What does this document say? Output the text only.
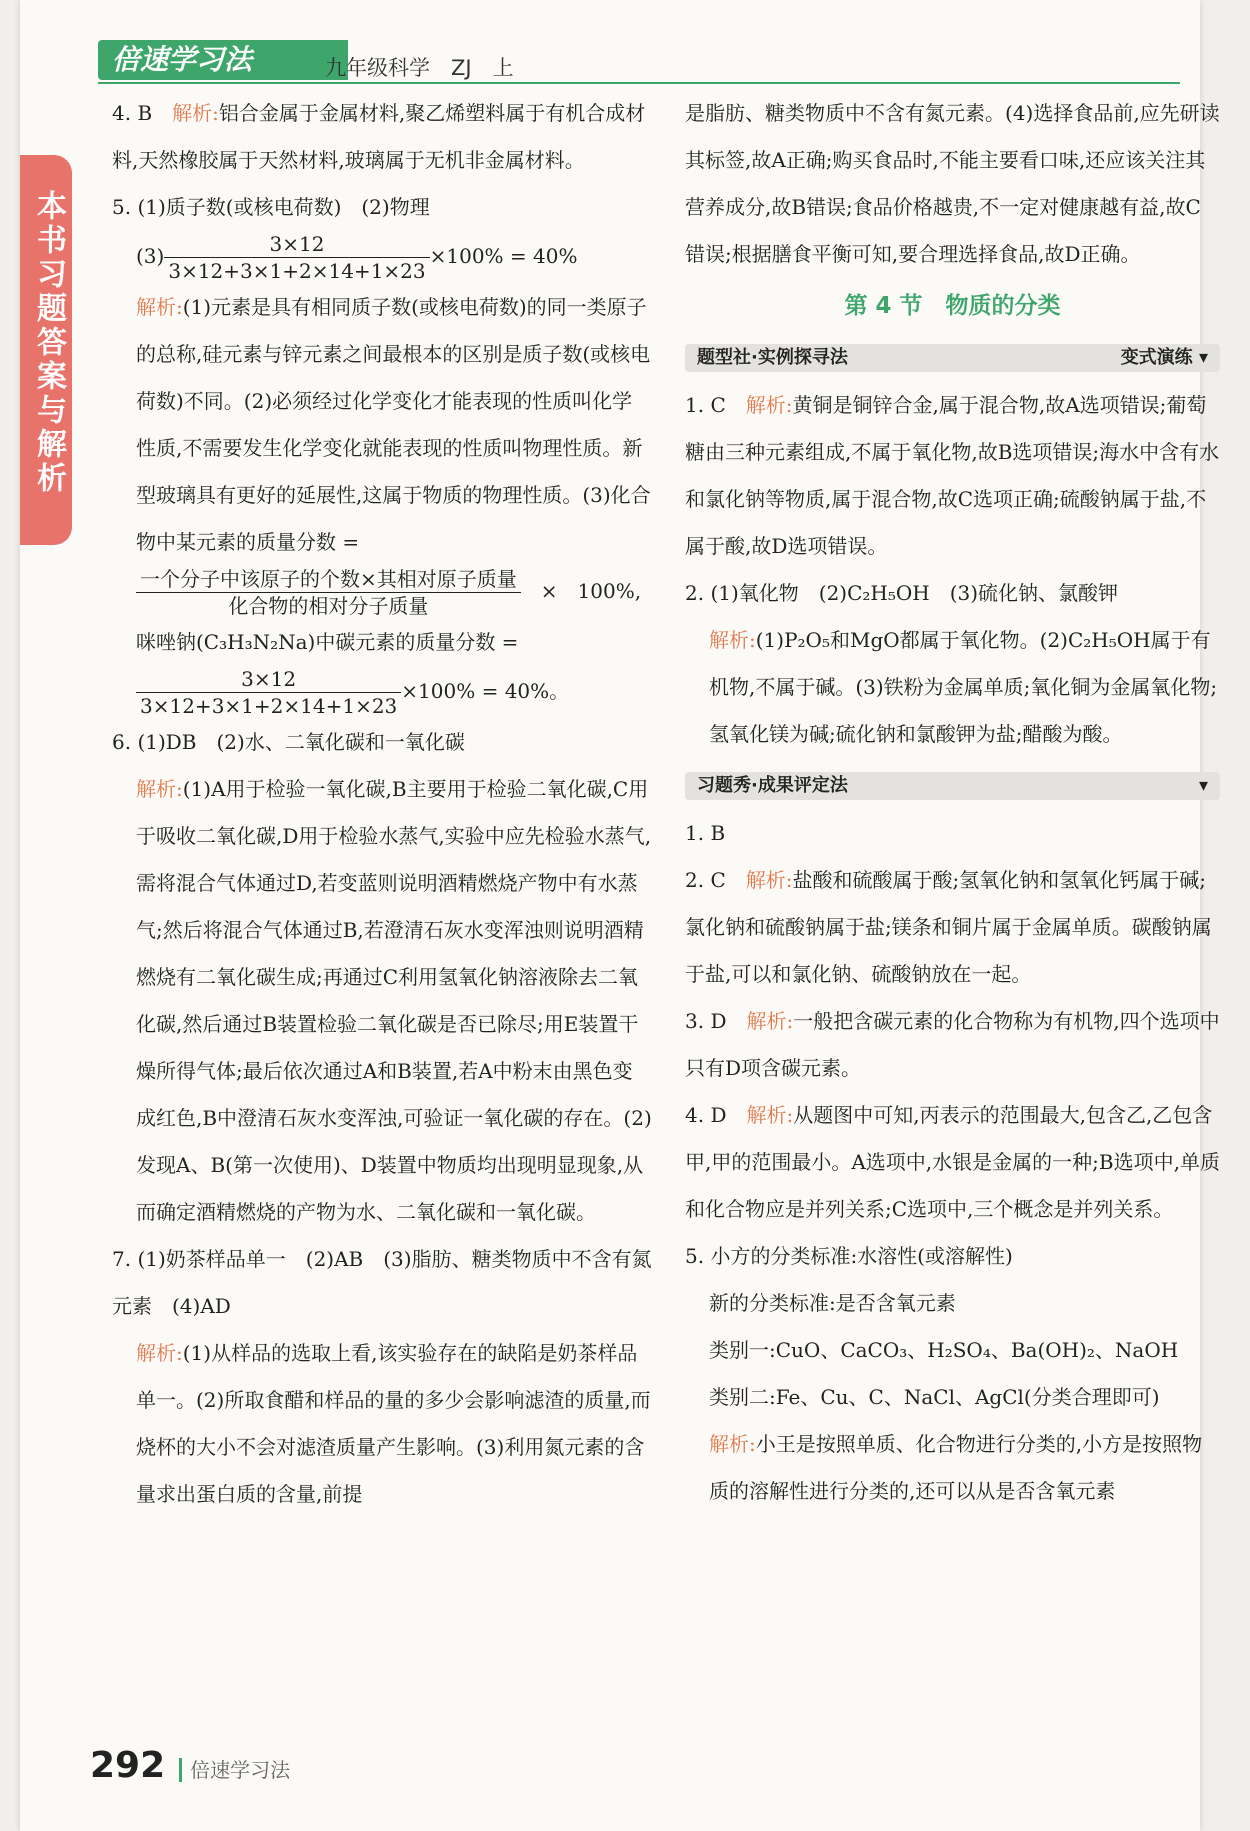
倍速学习法	九年级科学　ZJ　上
本书习题答案与解析

4. B　解析:铝合金属于金属材料,聚乙烯塑料属于有机合成材料,天然橡胶属于天然材料,玻璃属于无机非金属材料。

5. (1)质子数(或核电荷数)　(2)物理

$(3) \frac{3\times 12}{3\times 12+3\times 1+2\times 14+1\times 23} \times 100\% = 40\%$

解析:(1)元素是具有相同质子数(或核电荷数)的同一类原子的总称,硅元素与锌元素之间最根本的区别是质子数(或核电荷数)不同。(2)必须经过化学变化才能表现的性质叫化学性质,不需要发生化学变化就能表现的性质叫物理性质。新型玻璃具有更好的延展性,这属于物质的物理性质。(3)化合物中某元素的质量分数 =

$\frac{\text{一个分子中该原子的个数×其相对原子质量}}{\text{化合物的相对分子质量}}$
　 ×　100%,

咪唑钠(C₃H₃N₂Na)中碳元素的质量分数 =

$\frac{3\times 12}{3\times 12+3\times 1+2\times 14+1\times 23} \times 100\% = 40\%$。

6. (1)DB　(2)水、二氧化碳和一氧化碳

解析:(1)A用于检验一氧化碳,B主要用于检验二氧化碳,C用于吸收二氧化碳,D用于检验水蒸气,实验中应先检验水蒸气,需将混合气体通过D,若变蓝则说明酒精燃烧产物中有水蒸气;然后将混合气体通过B,若澄清石灰水变浑浊则说明酒精燃烧有二氧化碳生成;再通过C利用氢氧化钠溶液除去二氧化碳,然后通过B装置检验二氧化碳是否已除尽;用E装置干燥所得气体;最后依次通过A和B装置,若A中粉末由黑色变成红色,B中澄清石灰水变浑浊,可验证一氧化碳的存在。(2)发现A、B(第一次使用)、D装置中物质均出现明显现象,从而确定酒精燃烧的产物为水、二氧化碳和一氧化碳。

7. (1)奶茶样品单一　(2)AB　(3)脂肪、糖类物质中不含有氮元素　(4)AD

解析:(1)从样品的选取上看,该实验存在的缺陷是奶茶样品单一。(2)所取食醋和样品的量的多少会影响滤渣的质量,而烧杯的大小不会对滤渣质量产生影响。(3)利用氮元素的含量求出蛋白质的含量,前提

是脂肪、糖类物质中不含有氮元素。(4)选择食品前,应先研读其标签,故A正确;购买食品时,不能主要看口味,还应该关注其营养成分,故B错误;食品价格越贵,不一定对健康越有益,故C错误;根据膳食平衡可知,要合理选择食品,故D正确。

第 4 节　物质的分类
题型社·实例探寻法	变式演练 ▾

1. C　解析:黄铜是铜锌合金,属于混合物,故A选项错误;葡萄糖由三种元素组成,不属于氧化物,故B选项错误;海水中含有水和氯化钠等物质,属于混合物,故C选项正确;硫酸钠属于盐,不属于酸,故D选项错误。

2. (1)氧化物　(2)C₂H₅OH　(3)硫化钠、氯酸钾

解析:(1)P₂O₅和MgO都属于氧化物。(2)C₂H₅OH属于有机物,不属于碱。(3)铁粉为金属单质;氧化铜为金属氧化物;氢氧化镁为碱;硫化钠和氯酸钾为盐;醋酸为酸。

习题秀·成果评定法	▾

1. B

2. C　解析:盐酸和硫酸属于酸;氢氧化钠和氢氧化钙属于碱;氯化钠和硫酸钠属于盐;镁条和铜片属于金属单质。碳酸钠属于盐,可以和氯化钠、硫酸钠放在一起。

3. D　解析:一般把含碳元素的化合物称为有机物,四个选项中只有D项含碳元素。

4. D　解析:从题图中可知,丙表示的范围最大,包含乙,乙包含甲,甲的范围最小。A选项中,水银是金属的一种;B选项中,单质和化合物应是并列关系;C选项中,三个概念是并列关系。

5. 小方的分类标准:水溶性(或溶解性)

新的分类标准:是否含氧元素

类别一:CuO、CaCO₃、H₂SO₄、Ba(OH)₂、NaOH

类别二:Fe、Cu、C、NaCl、AgCl(分类合理即可)

解析:小王是按照单质、化合物进行分类的,小方是按照物质的溶解性进行分类的,还可以从是否含氧元素

292 倍速学习法
